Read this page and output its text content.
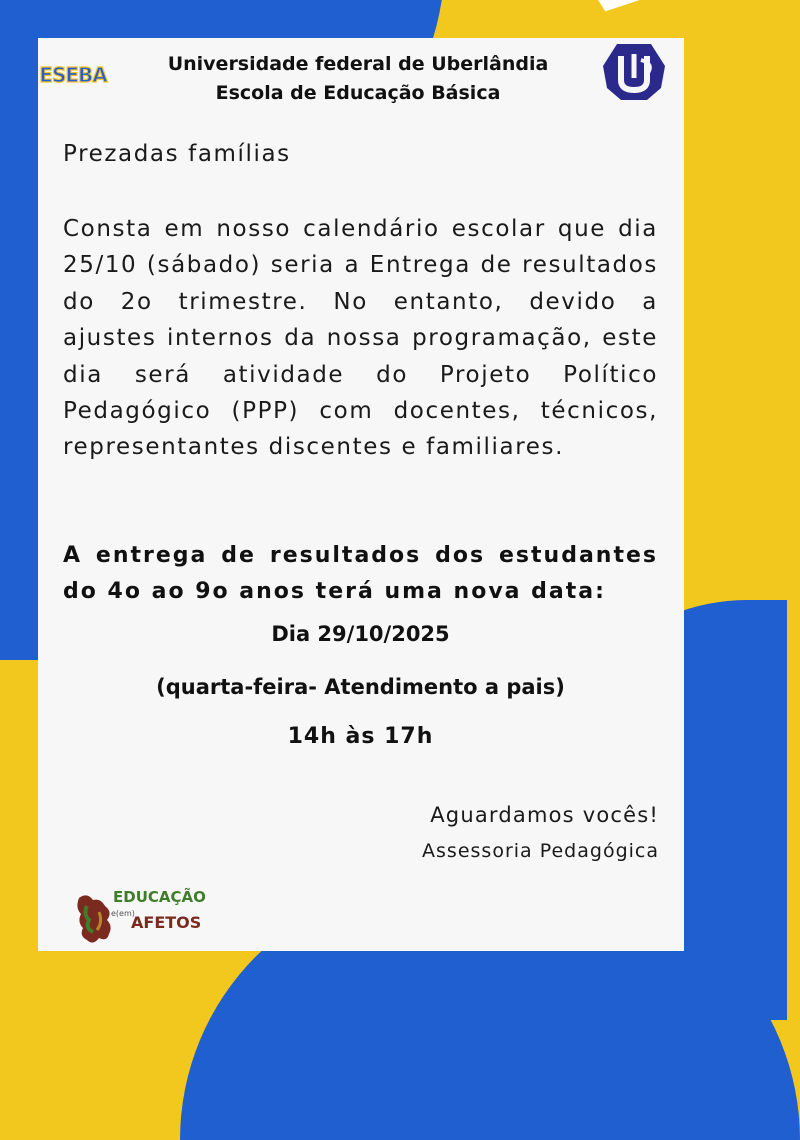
ESEBA	Universidade federal de Uberlândia
Escola de Educação Básica
Prezadas famílias
Consta em nosso calendário escolar que dia 25/10 (sábado) seria a Entrega de resultados do 2o trimestre. No entanto, devido a ajustes internos da nossa programação, este dia será atividade do Projeto Político Pedagógico (PPP) com docentes, técnicos, representantes discentes e familiares.
A entrega de resultados dos estudantes
do 4o ao 9o anos terá uma nova data:
Dia 29/10/2025
(quarta-feira- Atendimento a pais)
14h às 17h
Aguardamos vocês!
Assessoria Pedagógica
EDUCAÇÃO
e(em)
AFETOS
